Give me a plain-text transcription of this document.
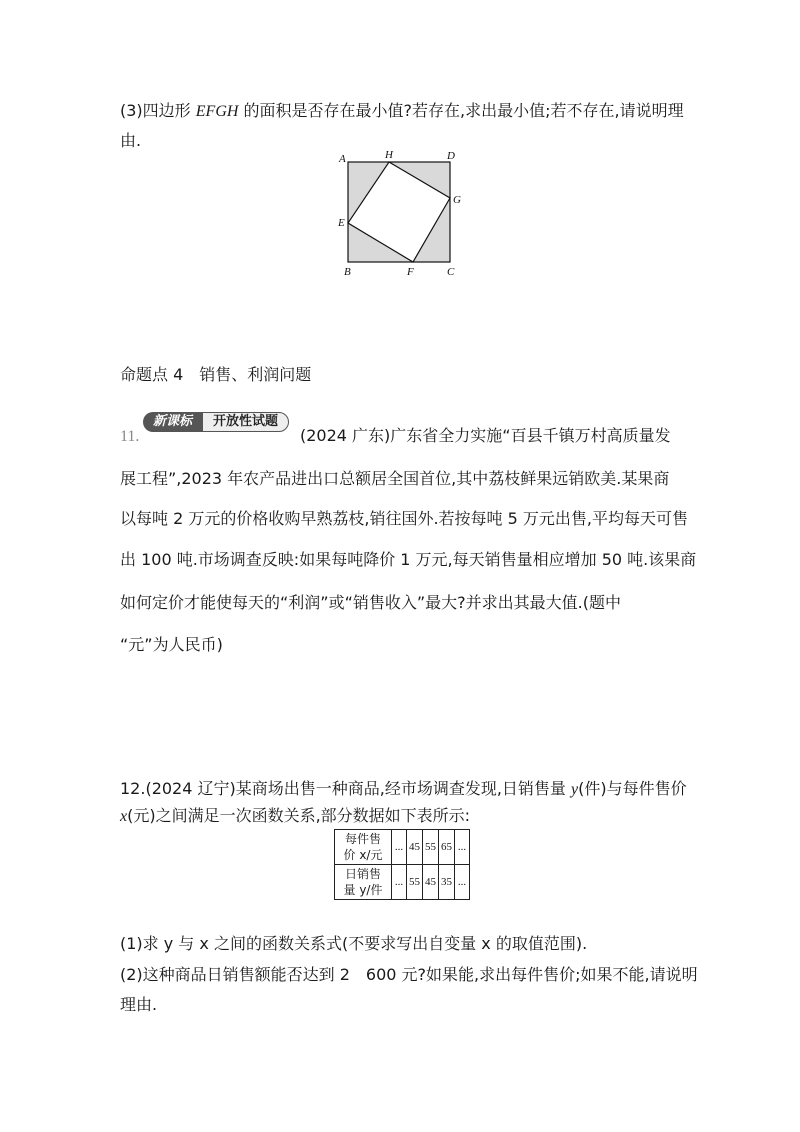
(3)四边形 EFGH 的面积是否存在最小值?若存在,求出最小值;若不存在,请说明理
由.
A	H	D
G
E
B	F	C
命题点 4　销售、利润问题
11.
新课标	开放性试题
(2024 广东)广东省全力实施“百县千镇万村高质量发
展工程”,2023 年农产品进出口总额居全国首位,其中荔枝鲜果远销欧美.某果商
以每吨 2 万元的价格收购早熟荔枝,销往国外.若按每吨 5 万元出售,平均每天可售
出 100 吨.市场调查反映:如果每吨降价 1 万元,每天销售量相应增加 50 吨.该果商
如何定价才能使每天的“利润”或“销售收入”最大?并求出其最大值.(题中
“元”为人民币)
12.(2024 辽宁)某商场出售一种商品,经市场调查发现,日销售量 y(件)与每件售价
x(元)之间满足一次函数关系,部分数据如下表所示:
每件售
价 x/元	...	45	55	65	...
日销售
量 y/件	...	55	45	35	...
(1)求 y 与 x 之间的函数关系式(不要求写出自变量 x 的取值范围).
(2)这种商品日销售额能否达到 2　600 元?如果能,求出每件售价;如果不能,请说明
理由.
